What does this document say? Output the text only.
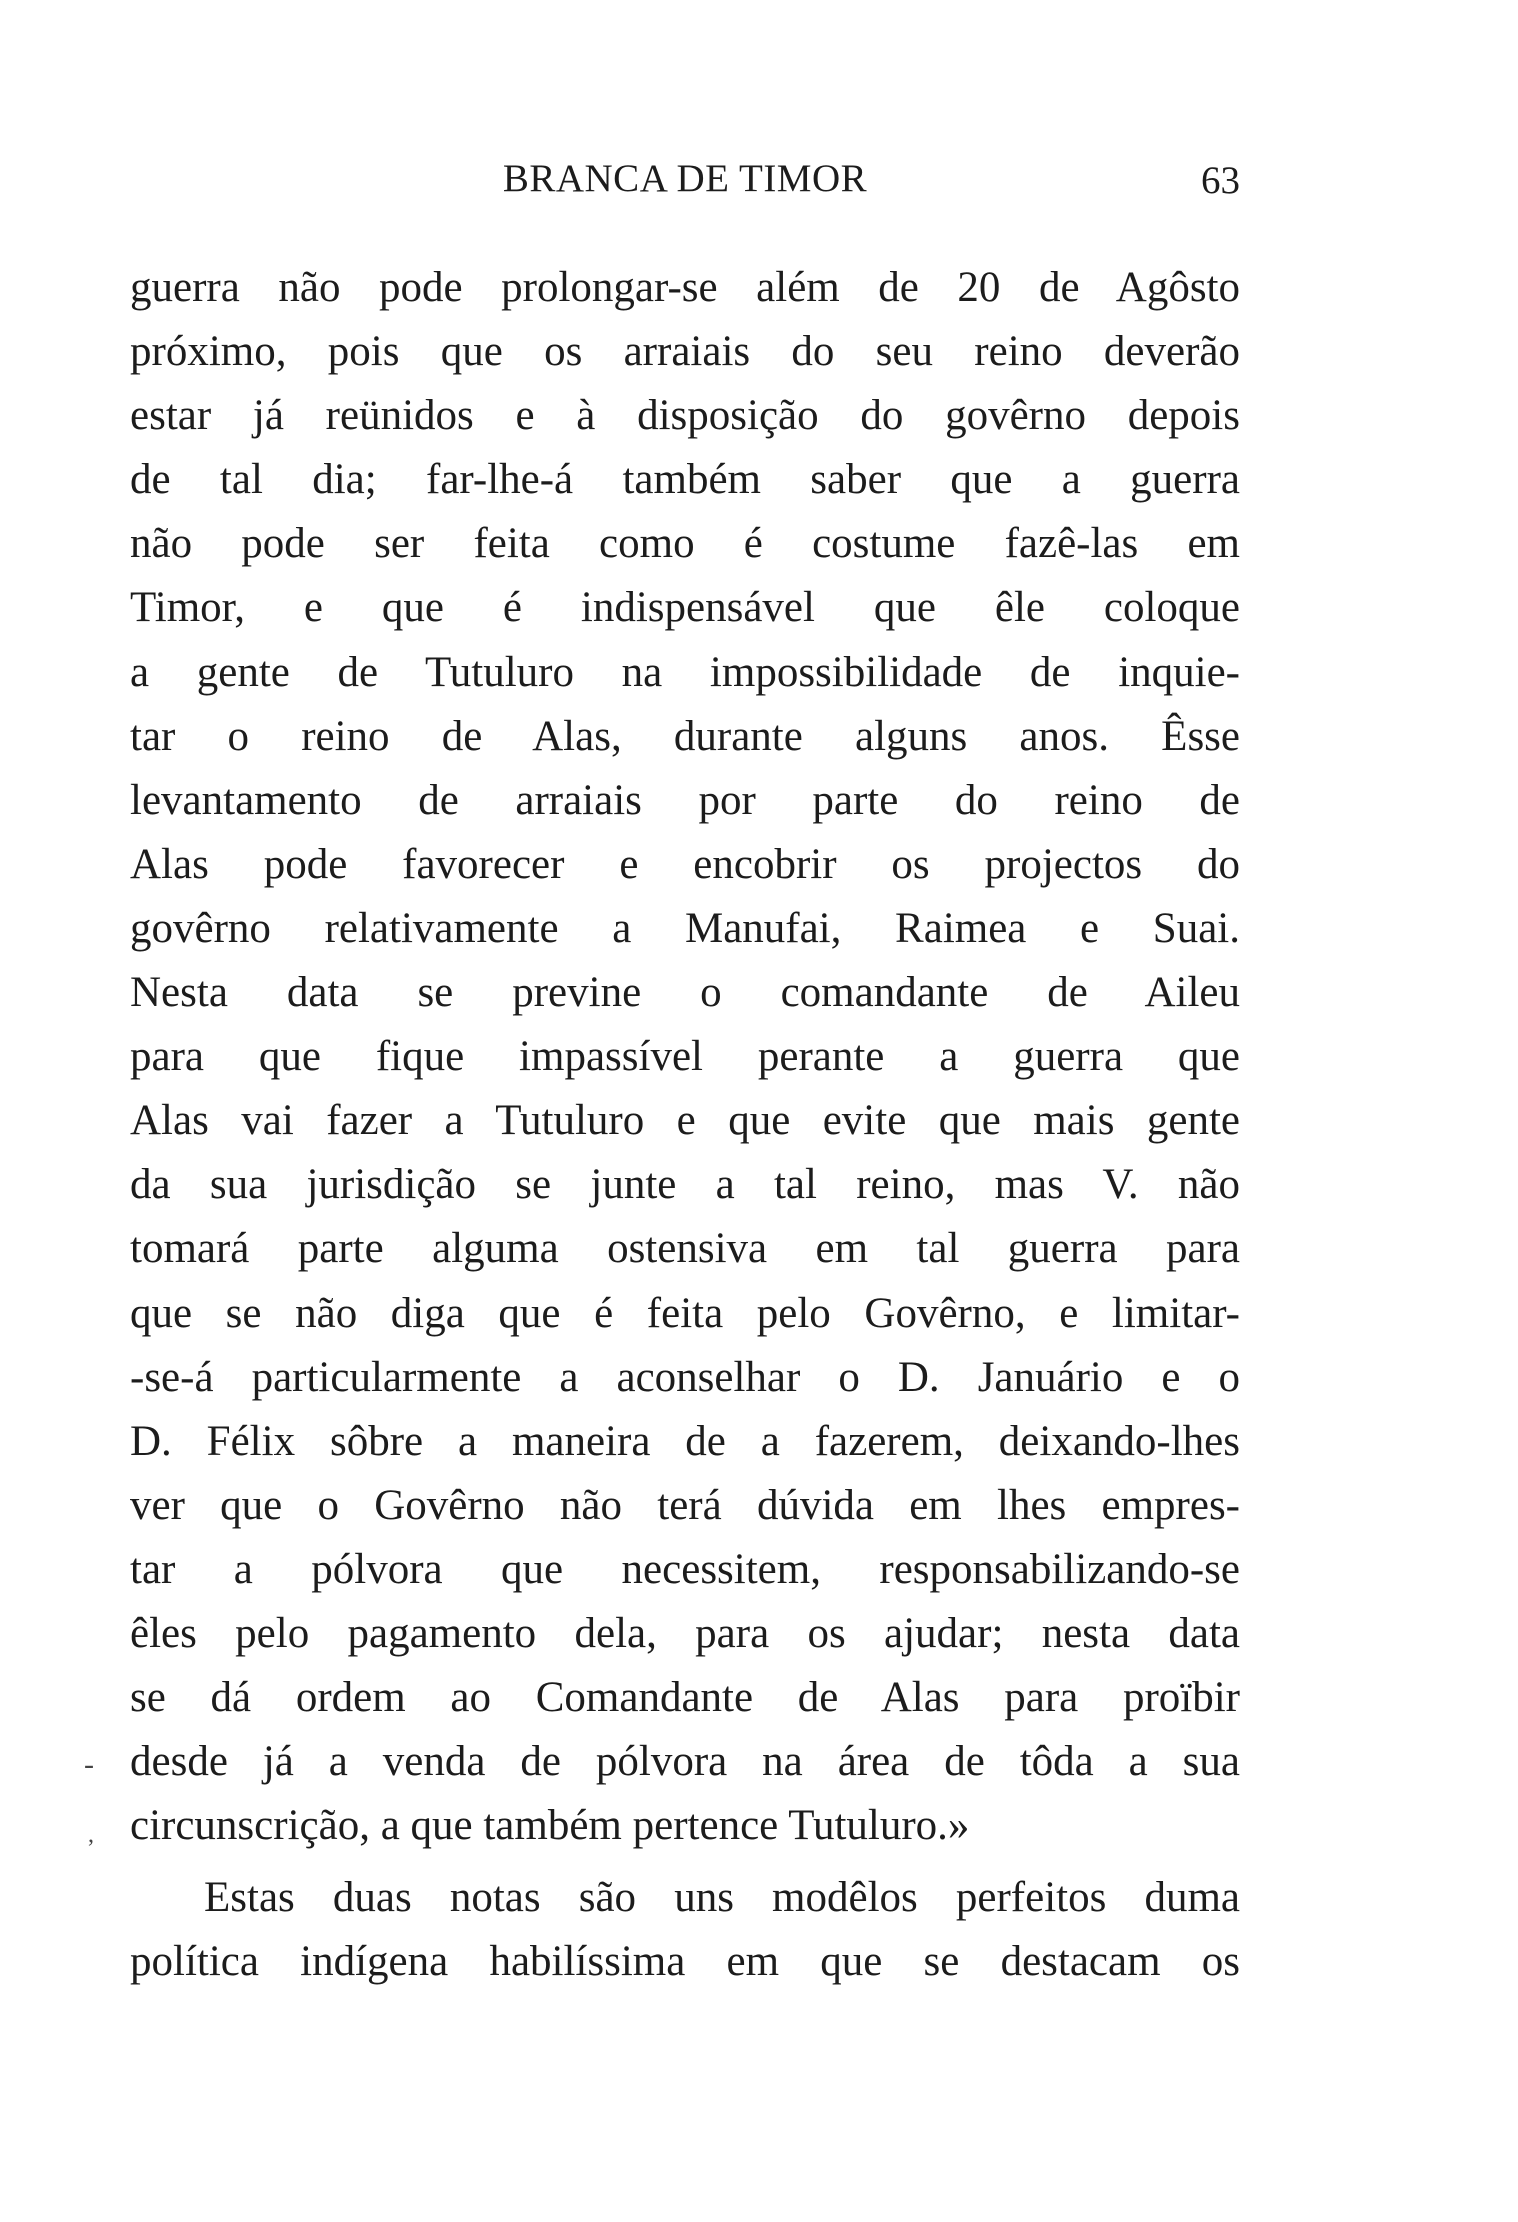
BRANCA DE TIMOR	63
guerra não pode prolongar-se além de 20 de Agôsto
próximo, pois que os arraiais do seu reino deverão
estar já reünidos e à disposição do govêrno depois
de tal dia; far-lhe-á também saber que a guerra
não pode ser feita como é costume fazê-las em
Timor, e que é indispensável que êle coloque
a gente de Tutuluro na impossibilidade de inquie-
tar o reino de Alas, durante alguns anos. Êsse
levantamento de arraiais por parte do reino de
Alas pode favorecer e encobrir os projectos do
govêrno relativamente a Manufai, Raimea e Suai.
Nesta data se previne o comandante de Aileu
para que fique impassível perante a guerra que
Alas vai fazer a Tutuluro e que evite que mais gente
da sua jurisdição se junte a tal reino, mas V. não
tomará parte alguma ostensiva em tal guerra para
que se não diga que é feita pelo Govêrno, e limitar-
-se-á particularmente a aconselhar o D. Januário e o
D. Félix sôbre a maneira de a fazerem, deixando-lhes
ver que o Govêrno não terá dúvida em lhes empres-
tar a pólvora que necessitem, responsabilizando-se
êles pelo pagamento dela, para os ajudar; nesta data
se dá ordem ao Comandante de Alas para proïbir
desde já a venda de pólvora na área de tôda a sua
circunscrição, a que também pertence Tutuluro.»
Estas duas notas são uns modêlos perfeitos duma
política indígena habilíssima em que se destacam os
‐
,
